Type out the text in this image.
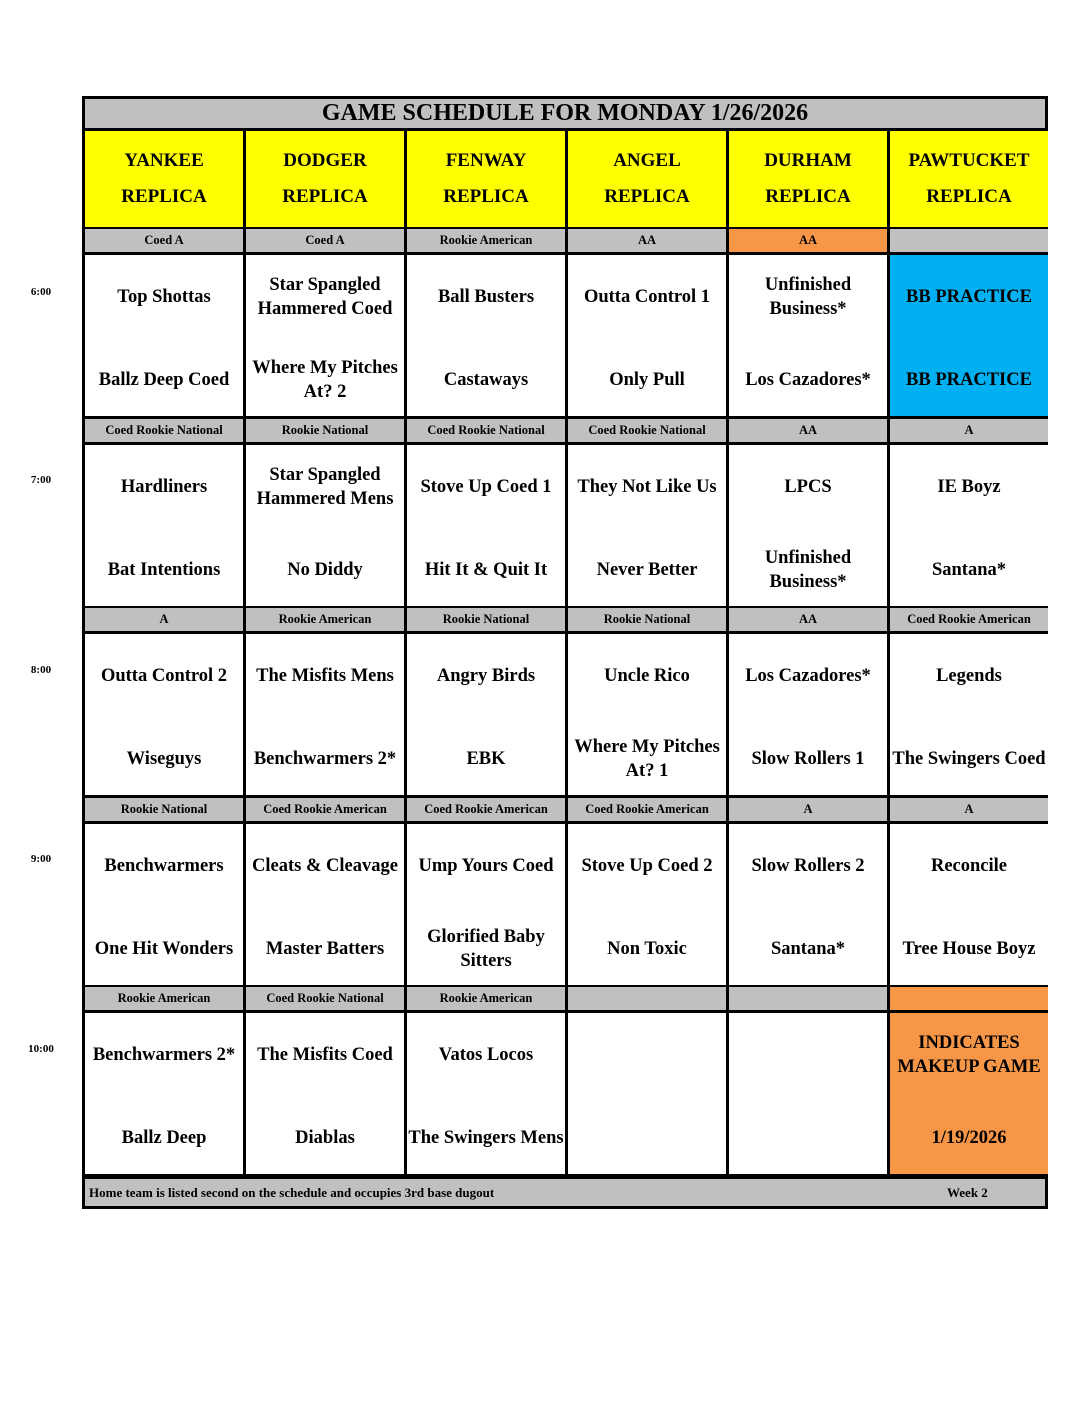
6:00
7:00
8:00
9:00
10:00
GAME SCHEDULE FOR MONDAY 1/26/2026
Home team is listed second on the schedule and occupies 3rd base dugout	Week 2
YANKEE
REPLICA
DODGER
REPLICA
FENWAY
REPLICA
ANGEL
REPLICA
DURHAM
REPLICA
PAWTUCKET
REPLICA
Coed A
Top Shottas
Ballz Deep Coed
Coed A
Star Spangled Hammered Coed
Where My Pitches At? 2
Rookie American
Ball Busters
Castaways
AA
Outta Control 1
Only Pull
AA
Unfinished Business*
Los Cazadores*
BB PRACTICE
BB PRACTICE
Coed Rookie National
Hardliners
Bat Intentions
Rookie National
Star Spangled Hammered Mens
No Diddy
Coed Rookie National
Stove Up Coed 1
Hit It & Quit It
Coed Rookie National
They Not Like Us
Never Better
AA
LPCS
Unfinished Business*
A
IE Boyz
Santana*
A
Outta Control 2
Wiseguys
Rookie American
The Misfits Mens
Benchwarmers 2*
Rookie National
Angry Birds
EBK
Rookie National
Uncle Rico
Where My Pitches At? 1
AA
Los Cazadores*
Slow Rollers 1
Coed Rookie American
Legends
The Swingers Coed
Rookie National
Benchwarmers
One Hit Wonders
Coed Rookie American
Cleats & Cleavage
Master Batters
Coed Rookie American
Ump Yours Coed
Glorified Baby Sitters
Coed Rookie American
Stove Up Coed 2
Non Toxic
A
Slow Rollers 2
Santana*
A
Reconcile
Tree House Boyz
Rookie American
Benchwarmers 2*
Ballz Deep
Coed Rookie National
The Misfits Coed
Diablas
Rookie American
Vatos Locos
The Swingers Mens
INDICATES MAKEUP GAME
1/19/2026
